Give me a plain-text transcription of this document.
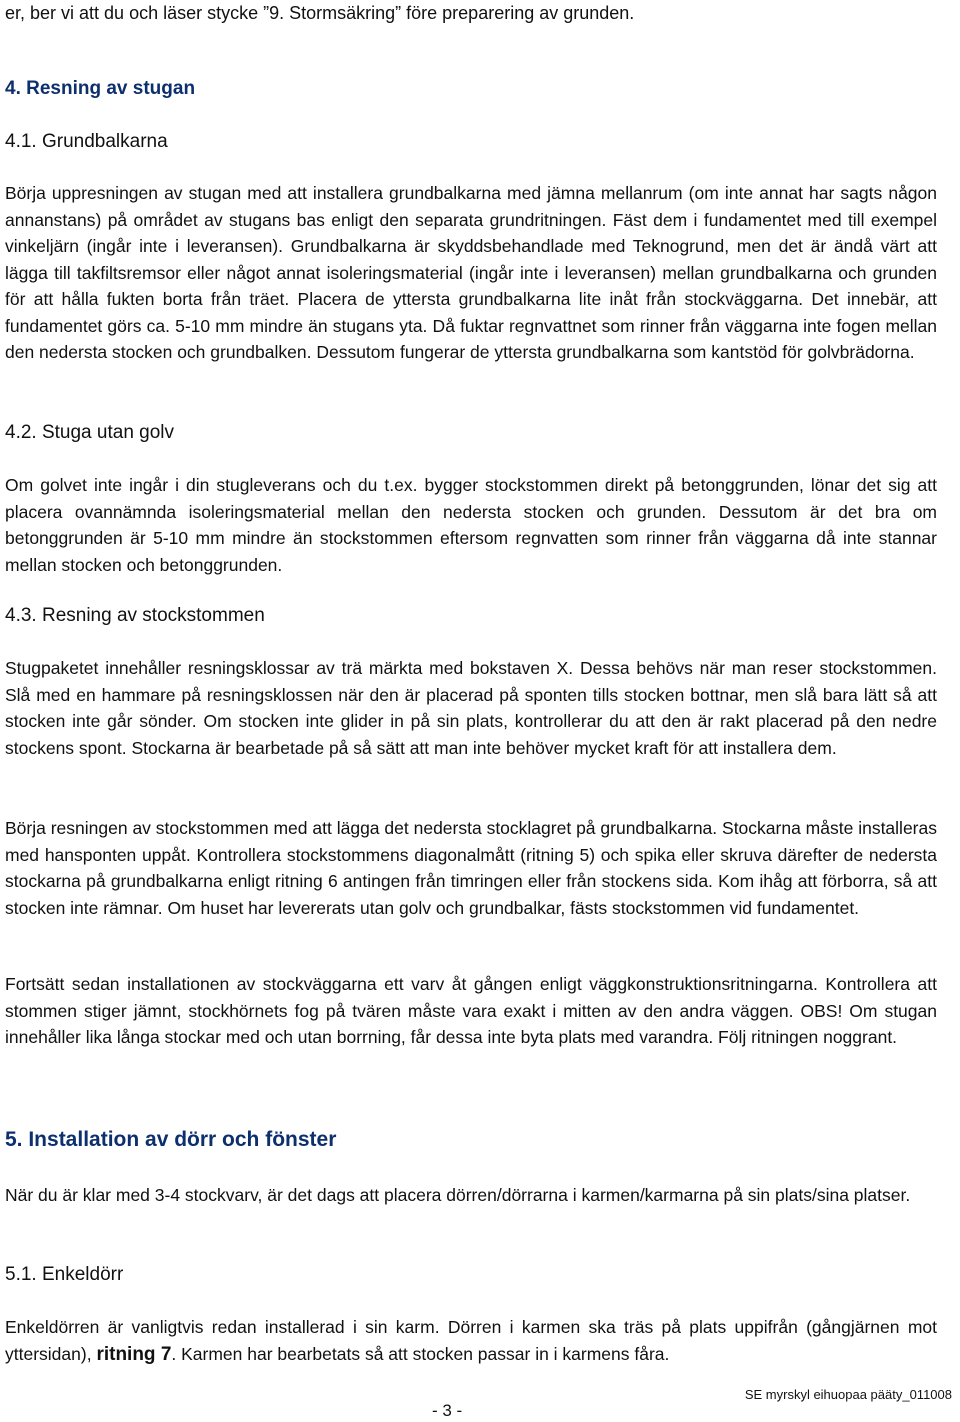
er, ber vi att du och läser stycke ”9. Stormsäkring” före preparering av grunden.

4. Resning av stugan

4.1. Grundbalkarna

Börja uppresningen av stugan med att installera grundbalkarna med jämna mellanrum (om inte annat har sagts någon annanstans) på området av stugans bas enligt den separata grundritningen. Fäst dem i fundamentet med till exempel vinkeljärn (ingår inte i leveransen). Grundbalkarna är skyddsbehandlade med Teknogrund, men det är ändå värt att lägga till takfiltsremsor eller något annat isoleringsmaterial (ingår inte i leveransen) mellan grundbalkarna och grunden för att hålla fukten borta från träet. Placera de yttersta grundbalkarna lite inåt från stockväggarna. Det innebär, att fundamentet görs ca. 5-10 mm mindre än stugans yta. Då fuktar regnvattnet som rinner från väggarna inte fogen mellan den nedersta stocken och grundbalken. Dessutom fungerar de yttersta grundbalkarna som kantstöd för golvbrädorna.

4.2. Stuga utan golv

Om golvet inte ingår i din stugleverans och du t.ex. bygger stockstommen direkt på betonggrunden, lönar det sig att placera ovannämnda isoleringsmaterial mellan den nedersta stocken och grunden. Dessutom är det bra om betonggrunden är 5-10 mm mindre än stockstommen eftersom regnvatten som rinner från väggarna då inte stannar mellan stocken och betonggrunden.

4.3. Resning av stockstommen

Stugpaketet innehåller resningsklossar av trä märkta med bokstaven X. Dessa behövs när man reser stockstommen. Slå med en hammare på resningsklossen när den är placerad på sponten tills stocken bottnar, men slå bara lätt så att stocken inte går sönder. Om stocken inte glider in på sin plats, kontrollerar du att den är rakt placerad på den nedre stockens spont. Stockarna är bearbetade på så sätt att man inte behöver mycket kraft för att installera dem.

Börja resningen av stockstommen med att lägga det nedersta stocklagret på grundbalkarna. Stockarna måste installeras med hansponten uppåt. Kontrollera stockstommens diagonalmått (ritning 5) och spika eller skruva därefter de nedersta stockarna på grundbalkarna enligt ritning 6 antingen från timringen eller från stockens sida. Kom ihåg att förborra, så att stocken inte rämnar. Om huset har levererats utan golv och grundbalkar, fästs stockstommen vid fundamentet.

Fortsätt sedan installationen av stockväggarna ett varv åt gången enligt väggkonstruktionsritningarna. Kontrollera att stommen stiger jämnt, stockhörnets fog på tvären måste vara exakt i mitten av den andra väggen. OBS! Om stugan innehåller lika långa stockar med och utan borrning, får dessa inte byta plats med varandra. Följ ritningen noggrant.

5. Installation av dörr och fönster

När du är klar med 3-4 stockvarv, är det dags att placera dörren/dörrarna i karmen/karmarna på sin plats/sina platser.

5.1. Enkeldörr

Enkeldörren är vanligtvis redan installerad i sin karm. Dörren i karmen ska träs på plats uppifrån (gångjärnen mot yttersidan), ritning 7. Karmen har bearbetats så att stocken passar in i karmens fåra.

- 3 -
SE myrskyl eihuopaa pääty_011008
